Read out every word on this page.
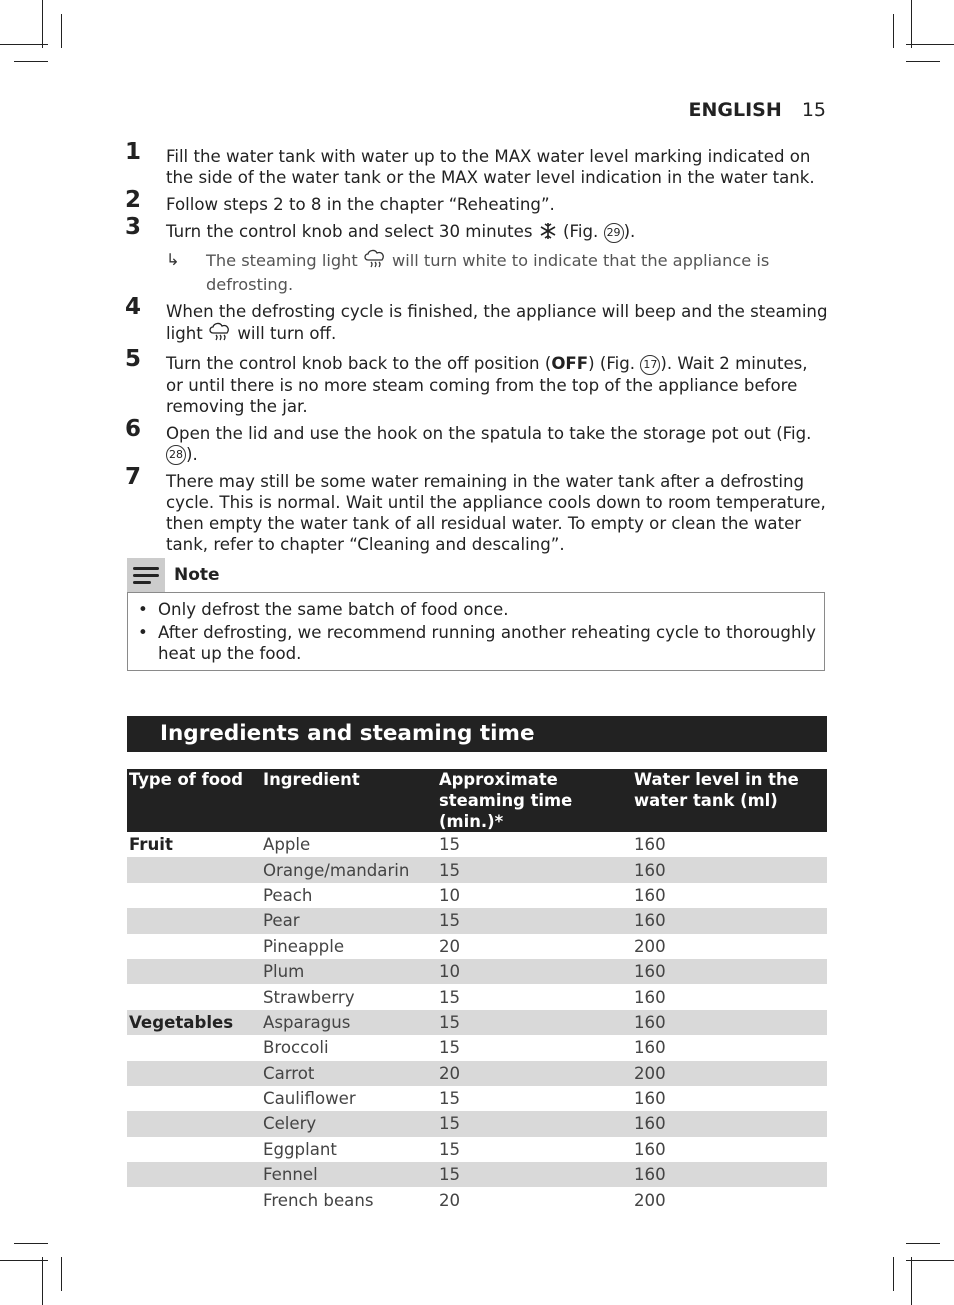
ENGLISH 15
1 Fill the water tank with water up to the MAX water level marking indicated on the side of the water tank or the MAX water level indication in the water tank.
2 Follow steps 2 to 8 in the chapter “Reheating”.
3 Turn the control knob and select 30 minutes (Fig. 29 ).
↳ The steaming light will turn white to indicate that the appliance is defrosting.
4 When the defrosting cycle is finished, the appliance will beep and the steaming light will turn off.
5 Turn the control knob back to the off position (OFF) (Fig. 17 ). Wait 2 minutes, or until there is no more steam coming from the top of the appliance before removing the jar.
6 Open the lid and use the hook on the spatula to take the storage pot out (Fig. 28 ).
7 There may still be some water remaining in the water tank after a defrosting cycle. This is normal. Wait until the appliance cools down to room temperature, then empty the water tank of all residual water. To empty or clean the water tank, refer to chapter “Cleaning and descaling”.
Note
• Only defrost the same batch of food once.
• After defrosting, we recommend running another reheating cycle to thoroughly heat up the food.
Ingredients and steaming time
Type of food	Ingredient	Approximate steaming time (min.)*	Water level in the water tank (ml)
Fruit	Apple	15	160
	Orange/mandarin	15	160
	Peach	10	160
	Pear	15	160
	Pineapple	20	200
	Plum	10	160
	Strawberry	15	160
Vegetables	Asparagus	15	160
	Broccoli	15	160
	Carrot	20	200
	Cauliflower	15	160
	Celery	15	160
	Eggplant	15	160
	Fennel	15	160
	French beans	20	200
